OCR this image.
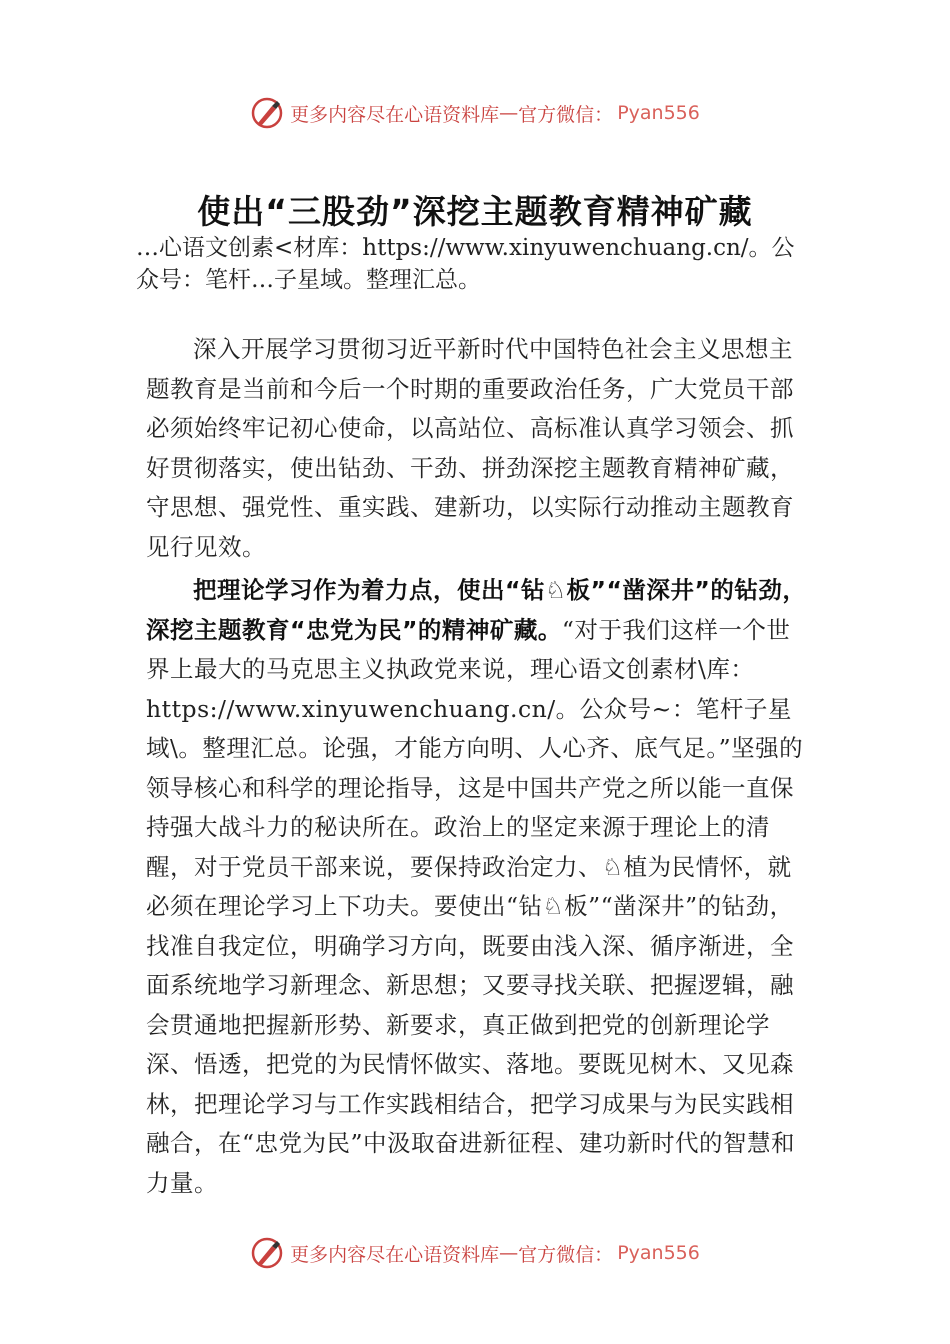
更多内容尽在心语资料库 — 官方微信： Pyan556
使出“三股劲”深挖主题教育精神矿藏
…心语文创素<材库：https://www.xinyuwenchuang.cn/。公众号：笔杆…子星域。整理汇总。

深入开展学习贯彻习近平新时代中国特色社会主义思想主题教育是当前和今后一个时期的重要政治任务，广大党员干部必须始终牢记初心使命，以高站位、高标准认真学习领会、抓好贯彻落实，使出钻劲、干劲、拼劲深挖主题教育精神矿藏，守思想、强党性、重实践、建新功，以实际行动推动主题教育见行见效。

把理论学习作为着力点，使出“钻♘板”“凿深井”的钻劲，深挖主题教育“忠党为民”的精神矿藏。“对于我们这样一个世界上最大的马克思主义执政党来说，理心语文创素材\库：https://www.xinyuwenchuang.cn/。公众号~：笔杆子星域\。整理汇总。论强，才能方向明、人心齐、底气足。”坚强的领导核心和科学的理论指导，这是中国共产党之所以能一直保持强大战斗力的秘诀所在。政治上的坚定来源于理论上的清醒，对于党员干部来说，要保持政治定力、♘植为民情怀，就必须在理论学习上下功夫。要使出“钻♘板”“凿深井”的钻劲，找准自我定位，明确学习方向，既要由浅入深、循序渐进，全面系统地学习新理念、新思想；又要寻找关联、把握逻辑，融会贯通地把握新形势、新要求，真正做到把党的创新理论学深、悟透，把党的为民情怀做实、落地。要既见树木、又见森林，把理论学习与工作实践相结合，把学习成果与为民实践相融合，在“忠党为民”中汲取奋进新征程、建功新时代的智慧和力量。

更多内容尽在心语资料库 — 官方微信： Pyan556
